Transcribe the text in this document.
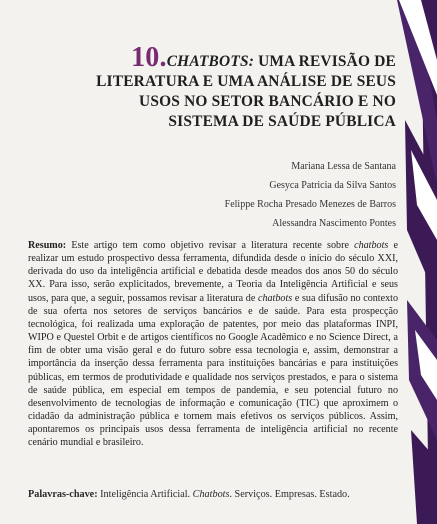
10.CHATBOTS: UMA REVISÃO DE
LITERATURA E UMA ANÁLISE DE SEUS
USOS NO SETOR BANCÁRIO E NO
SISTEMA DE SAÚDE PÚBLICA
Mariana Lessa de Santana
Gesyca Patricia da Silva Santos
Felippe Rocha Presado Menezes de Barros
Alessandra Nascimento Pontes

Resumo: Este artigo tem como objetivo revisar a literatura recente sobre chatbots e realizar um estudo prospectivo dessa ferramenta, difundida desde o início do século XXI, derivada do uso da inteligência artificial e debatida desde meados dos anos 50 do século XX. Para isso, serão explicitados, brevemente, a Teoria da Inteligência Artificial e seus usos, para que, a seguir, possamos revisar a literatura de chatbots e sua difusão no contexto de sua oferta nos setores de serviços bancários e de saúde. Para esta prospecção tecnológica, foi realizada uma exploração de patentes, por meio das plataformas INPI, WIPO e Questel Orbit e de artigos científicos no Google Acadêmico e no Science Direct, a fim de obter uma visão geral e do futuro sobre essa tecnologia e, assim, demonstrar a importância da inserção dessa ferramenta para instituições bancárias e para instituições públicas, em termos de produtividade e qualidade nos serviços prestados, e para o sistema de saúde pública, em especial em tempos de pandemia, e seu potencial futuro no desenvolvimento de tecnologias de informação e comunicação (TIC) que aproximem o cidadão da administração pública e tornem mais efetivos os serviços públicos. Assim, apontaremos os principais usos dessa ferramenta de inteligência artificial no recente cenário mundial e brasileiro.

Palavras-chave: Inteligência Artificial. Chatbots. Serviços. Empresas. Estado.
